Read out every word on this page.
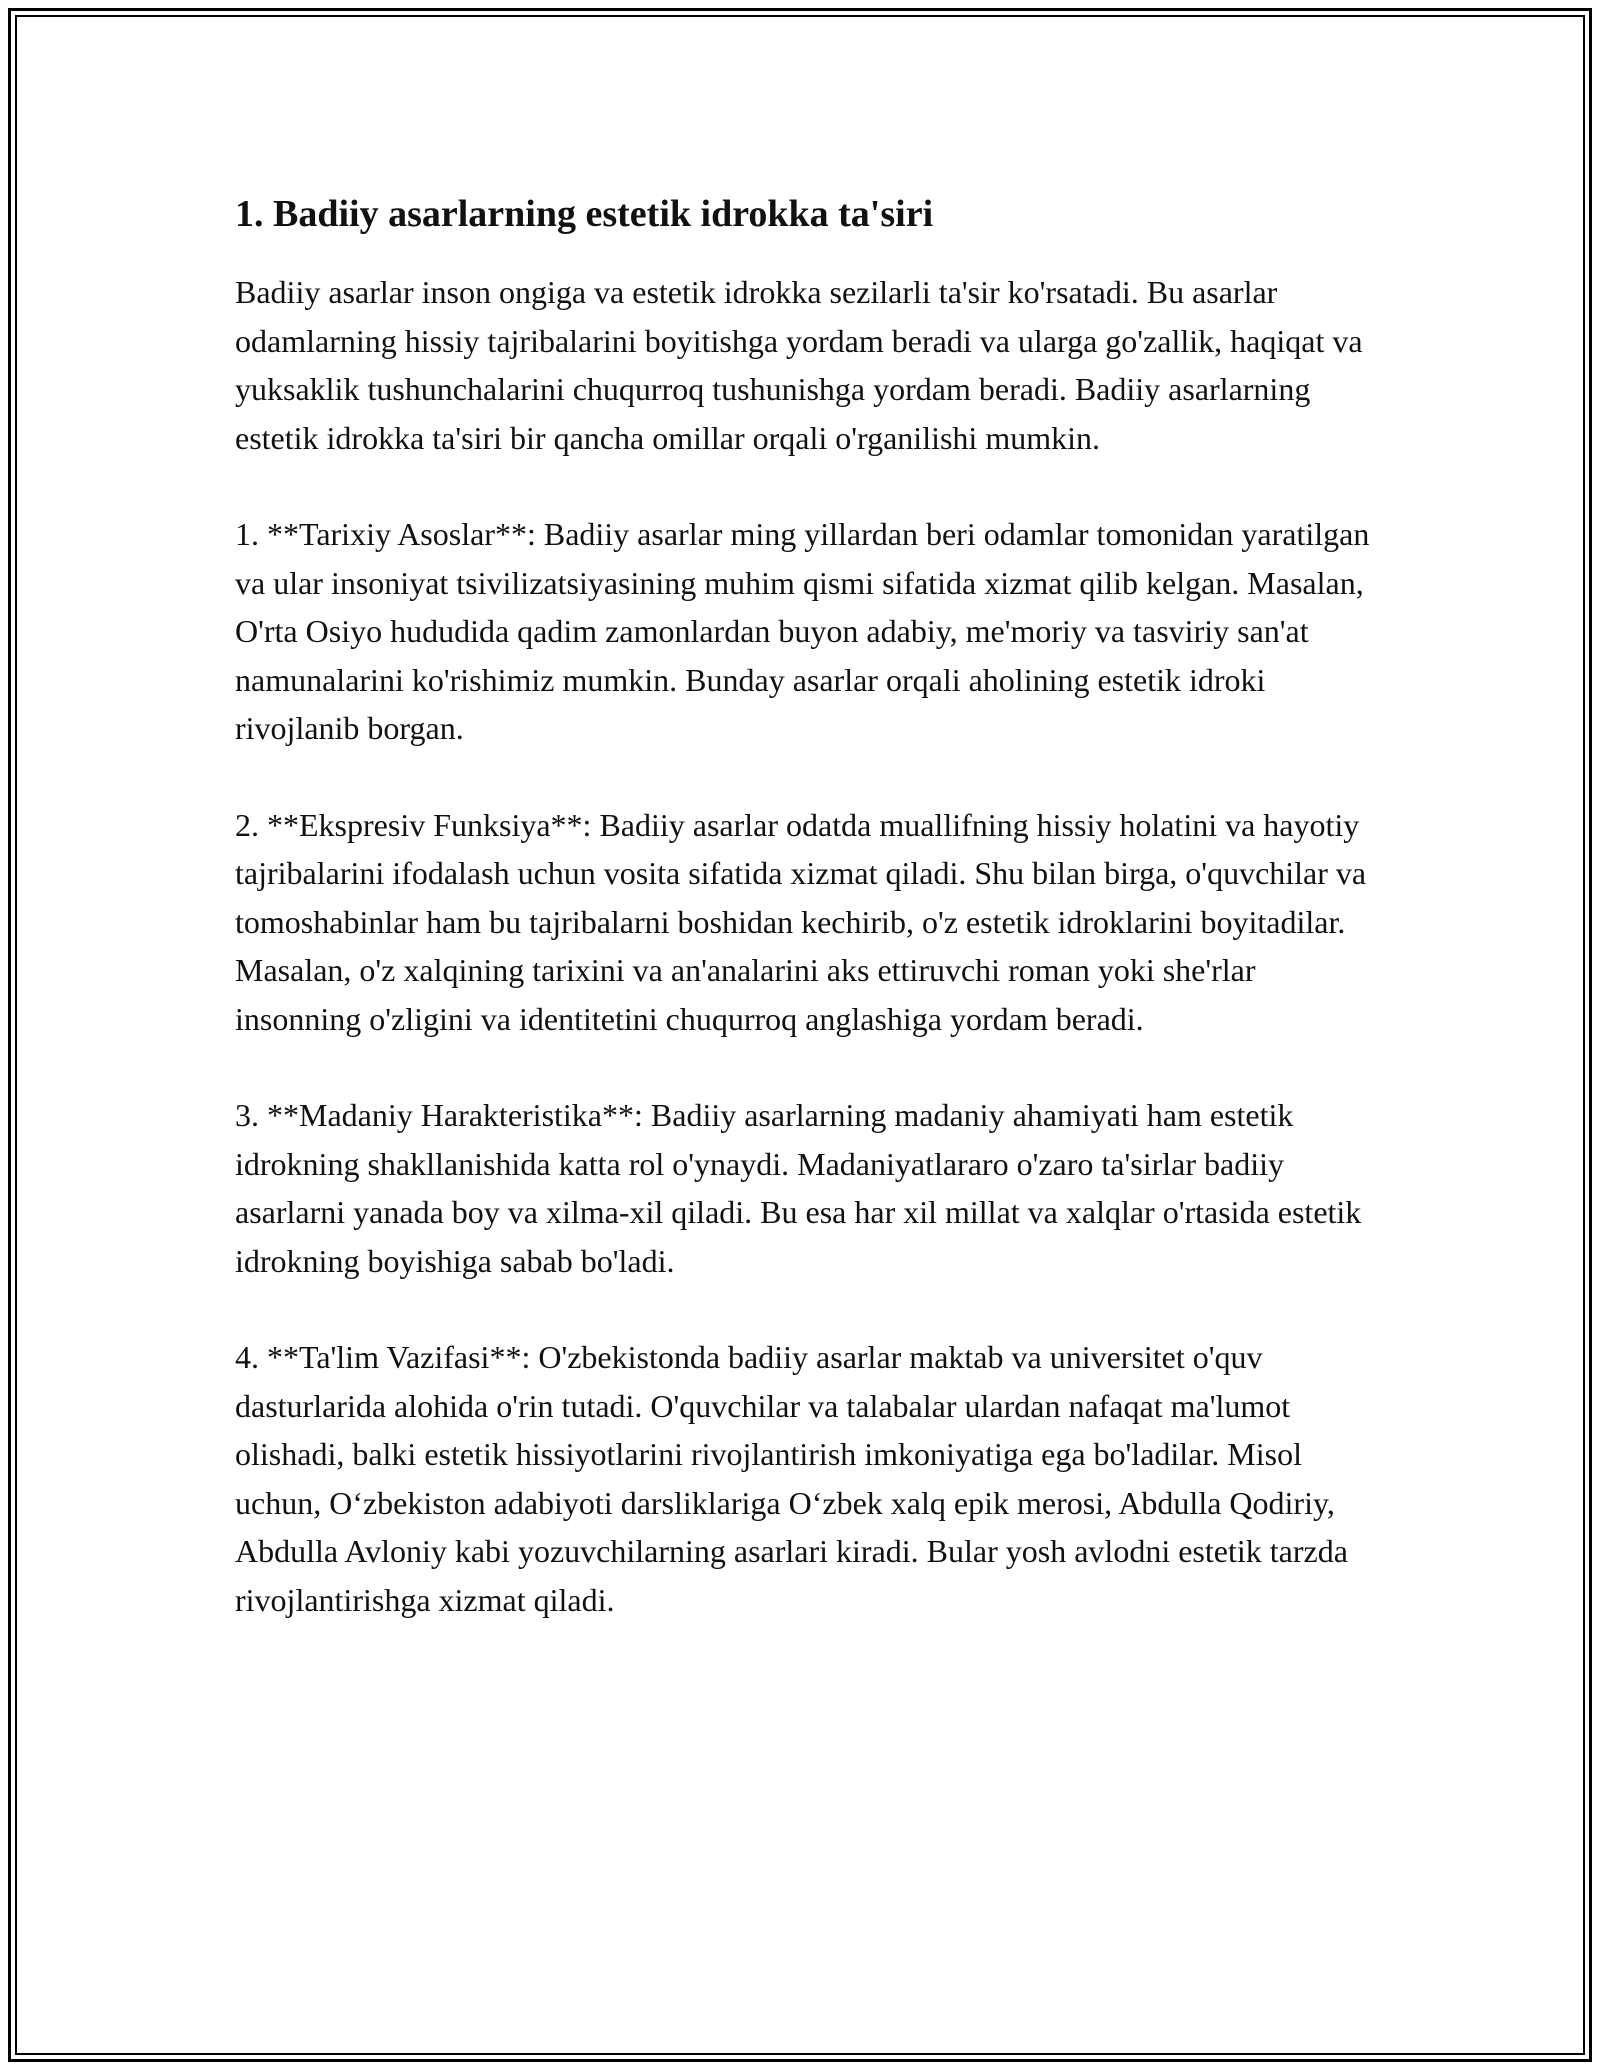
1. Badiiy asarlarning estetik idrokka ta'siri

Badiiy asarlar inson ongiga va estetik idrokka sezilarli ta'sir ko'rsatadi. Bu asarlar odamlarning hissiy tajribalarini boyitishga yordam beradi va ularga go'zallik, haqiqat va yuksaklik tushunchalarini chuqurroq tushunishga yordam beradi. Badiiy asarlarning estetik idrokka ta'siri bir qancha omillar orqali o'rganilishi mumkin.

1. **Tarixiy Asoslar**: Badiiy asarlar ming yillardan beri odamlar tomonidan yaratilgan va ular insoniyat tsivilizatsiyasining muhim qismi sifatida xizmat qilib kelgan. Masalan, O'rta Osiyo hududida qadim zamonlardan buyon adabiy, me'moriy va tasviriy san'at namunalarini ko'rishimiz mumkin. Bunday asarlar orqali aholining estetik idroki rivojlanib borgan.

2. **Ekspresiv Funksiya**: Badiiy asarlar odatda muallifning hissiy holatini va hayotiy tajribalarini ifodalash uchun vosita sifatida xizmat qiladi. Shu bilan birga, o'quvchilar va tomoshabinlar ham bu tajribalarni boshidan kechirib, o'z estetik idroklarini boyitadilar. Masalan, o'z xalqining tarixini va an'analarini aks ettiruvchi roman yoki she'rlar insonning o'zligini va identitetini chuqurroq anglashiga yordam beradi.

3. **Madaniy Harakteristika**: Badiiy asarlarning madaniy ahamiyati ham estetik idrokning shakllanishida katta rol o'ynaydi. Madaniyatlararo o'zaro ta'sirlar badiiy asarlarni yanada boy va xilma-xil qiladi. Bu esa har xil millat va xalqlar o'rtasida estetik idrokning boyishiga sabab bo'ladi.

4. **Ta'lim Vazifasi**: O'zbekistonda badiiy asarlar maktab va universitet o'quv dasturlarida alohida o'rin tutadi. O'quvchilar va talabalar ulardan nafaqat ma'lumot olishadi, balki estetik hissiyotlarini rivojlantirish imkoniyatiga ega bo'ladilar. Misol uchun, O‘zbekiston adabiyoti darsliklariga O‘zbek xalq epik merosi, Abdulla Qodiriy, Abdulla Avloniy kabi yozuvchilarning asarlari kiradi. Bular yosh avlodni estetik tarzda rivojlantirishga xizmat qiladi.
